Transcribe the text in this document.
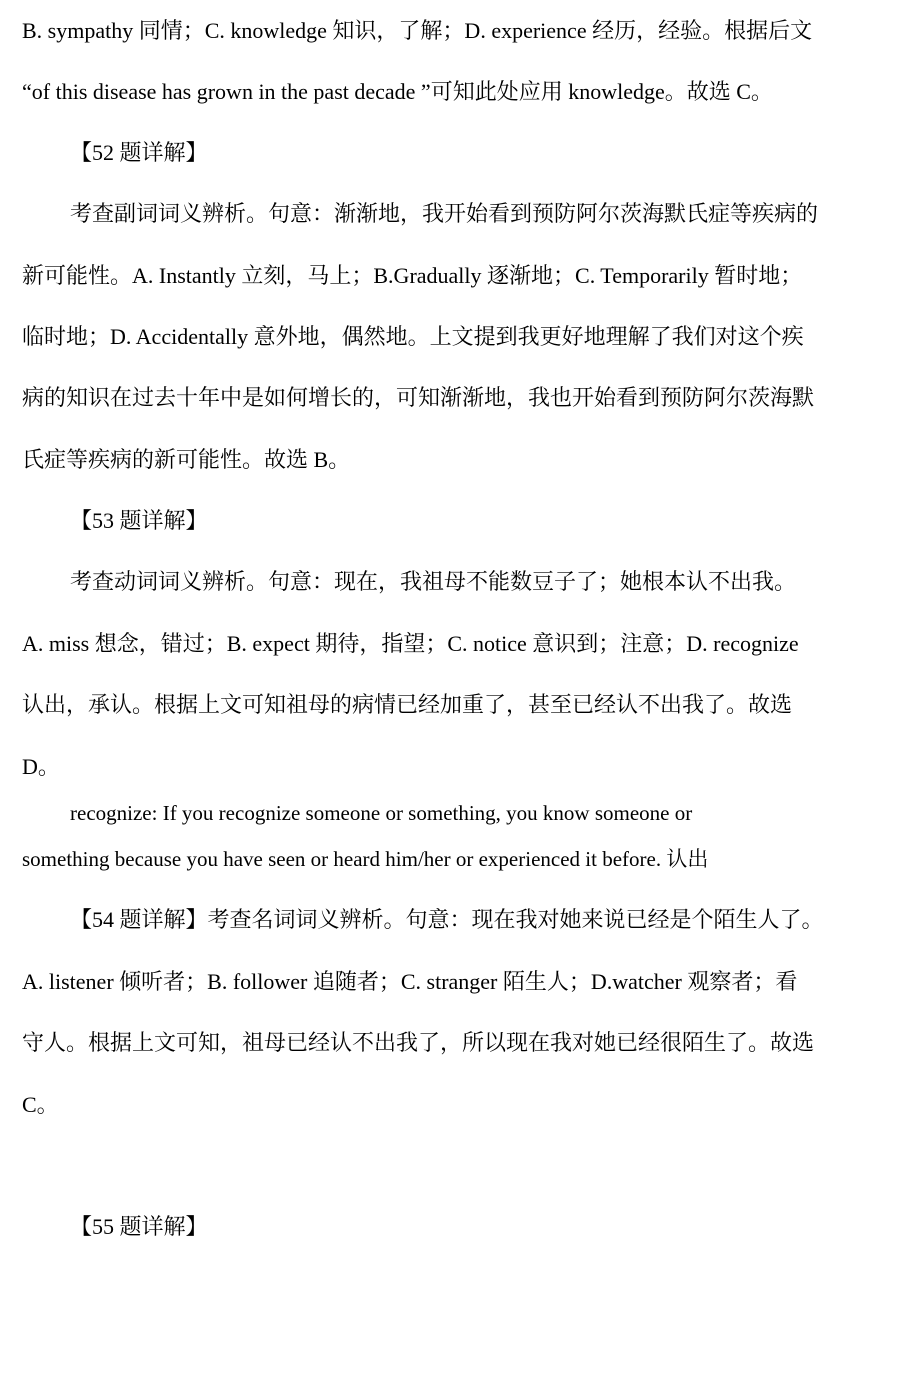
B. sympathy 同情；C. knowledge 知识，了解；D. experience 经历，经验。根据后文
“of this disease has grown in the past decade ”可知此处应用 knowledge。故选 C。
【52 题详解】
考查副词词义辨析。句意：渐渐地，我开始看到预防阿尔茨海默氏症等疾病的
新可能性。A. Instantly 立刻，马上；B.Gradually 逐渐地；C. Temporarily 暂时地；
临时地；D. Accidentally 意外地，偶然地。上文提到我更好地理解了我们对这个疾
病的知识在过去十年中是如何增长的，可知渐渐地，我也开始看到预防阿尔茨海默
氏症等疾病的新可能性。故选 B。
【53 题详解】
考查动词词义辨析。句意：现在，我祖母不能数豆子了；她根本认不出我。
A. miss 想念，错过；B. expect 期待，指望；C. notice 意识到；注意；D. recognize
认出，承认。根据上文可知祖母的病情已经加重了，甚至已经认不出我了。故选
D。
recognize: If you recognize someone or something, you know someone or
something because you have seen or heard him/her or experienced it before. 认出
【54 题详解】考查名词词义辨析。句意：现在我对她来说已经是个陌生人了。
A. listener 倾听者；B. follower 追随者；C. stranger 陌生人；D.watcher 观察者；看
守人。根据上文可知，祖母已经认不出我了，所以现在我对她已经很陌生了。故选
C。
【55 题详解】
